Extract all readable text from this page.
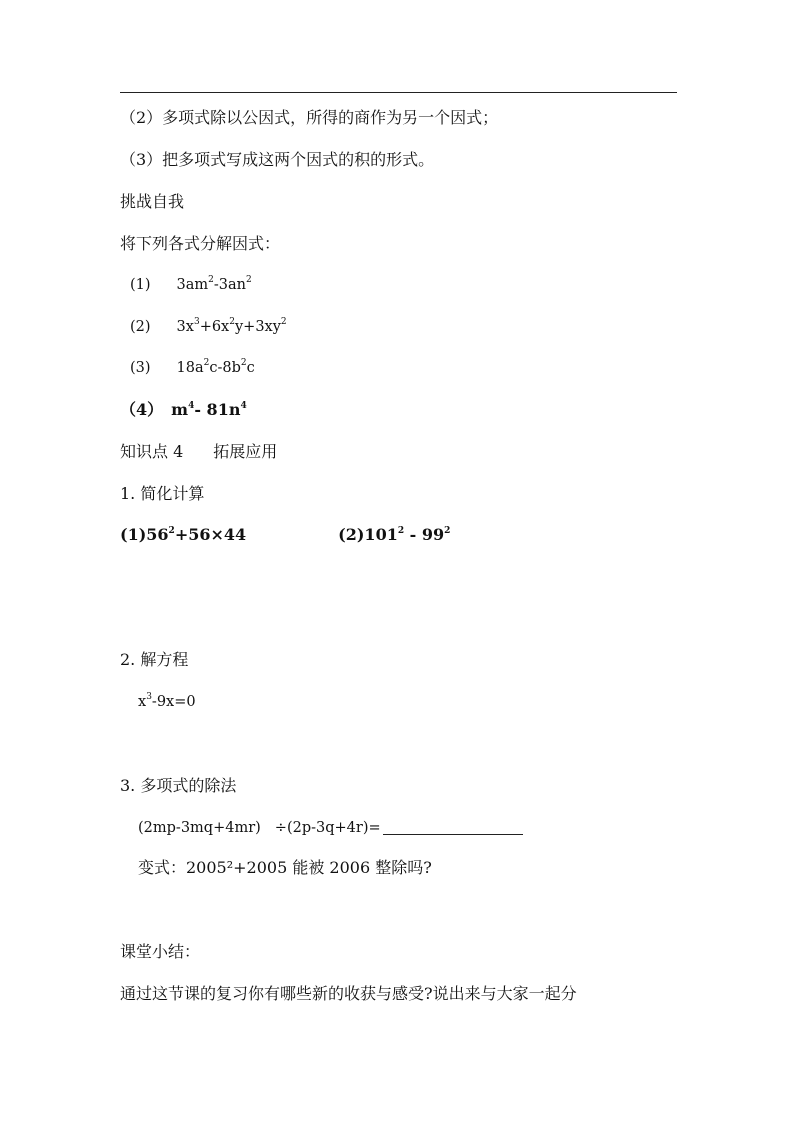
（2）多项式除以公因式，所得的商作为另一个因式；
（3）把多项式写成这两个因式的积的形式。
挑战自我
将下列各式分解因式：
(1) $3am^2-3an^2$
(2) $3x^3+6x^2y+3xy^2$
(3) $18a^2c-8b^2c$
（4） $m^4-$ $81n^4$
知识点 4 拓展应用
1. 简化计算
$(1)56^2+56\times 44$	$(2)101^2 - 99^2$
2. 解方程
$x^3-9x=0$
3. 多项式的除法
(2mp-3mq+4mr) ÷(2p-3q+4r)=
变式：2005²+2005 能被 2006 整除吗?
课堂小结：
通过这节课的复习你有哪些新的收获与感受?说出来与大家一起分
